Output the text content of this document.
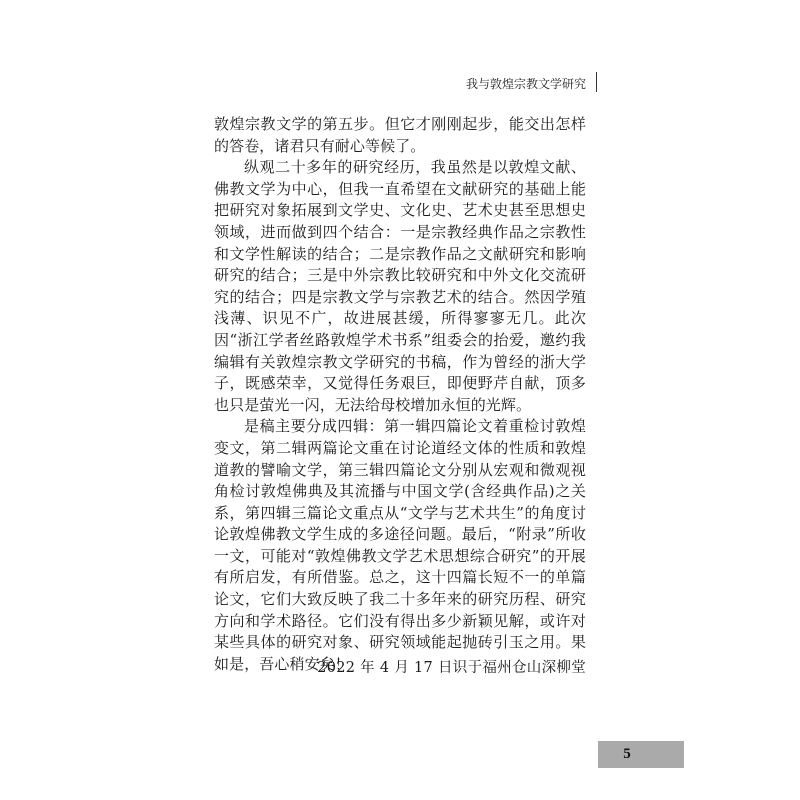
我与敦煌宗教文学研究

敦煌宗教文学的第五步。但它才刚刚起步，能交出怎样的答卷，诸君只有耐心等候了。

纵观二十多年的研究经历，我虽然是以敦煌文献、佛教文学为中心，但我一直希望在文献研究的基础上能把研究对象拓展到文学史、文化史、艺术史甚至思想史领域，进而做到四个结合：一是宗教经典作品之宗教性和文学性解读的结合；二是宗教作品之文献研究和影响研究的结合；三是中外宗教比较研究和中外文化交流研究的结合；四是宗教文学与宗教艺术的结合。然因学殖浅薄、识见不广，故进展甚缓，所得寥寥无几。此次因“浙江学者丝路敦煌学术书系”组委会的抬爱，邀约我编辑有关敦煌宗教文学研究的书稿，作为曾经的浙大学子，既感荣幸，又觉得任务艰巨，即便野芹自献，顶多也只是萤光一闪，无法给母校增加永恒的光辉。

是稿主要分成四辑：第一辑四篇论文着重检讨敦煌变文，第二辑两篇论文重在讨论道经文体的性质和敦煌道教的譬喻文学，第三辑四篇论文分别从宏观和微观视角检讨敦煌佛典及其流播与中国文学(含经典作品)之关系，第四辑三篇论文重点从“文学与艺术共生”的角度讨论敦煌佛教文学生成的多途径问题。最后，“附录”所收一文，可能对“敦煌佛教文学艺术思想综合研究”的开展有所启发，有所借鉴。总之，这十四篇长短不一的单篇论文，它们大致反映了我二十多年来的研究历程、研究方向和学术路径。它们没有得出多少新颖见解，或许对某些具体的研究对象、研究领域能起抛砖引玉之用。果如是，吾心稍安矣！

2022 年 4 月 17 日识于福州仓山深柳堂
5
